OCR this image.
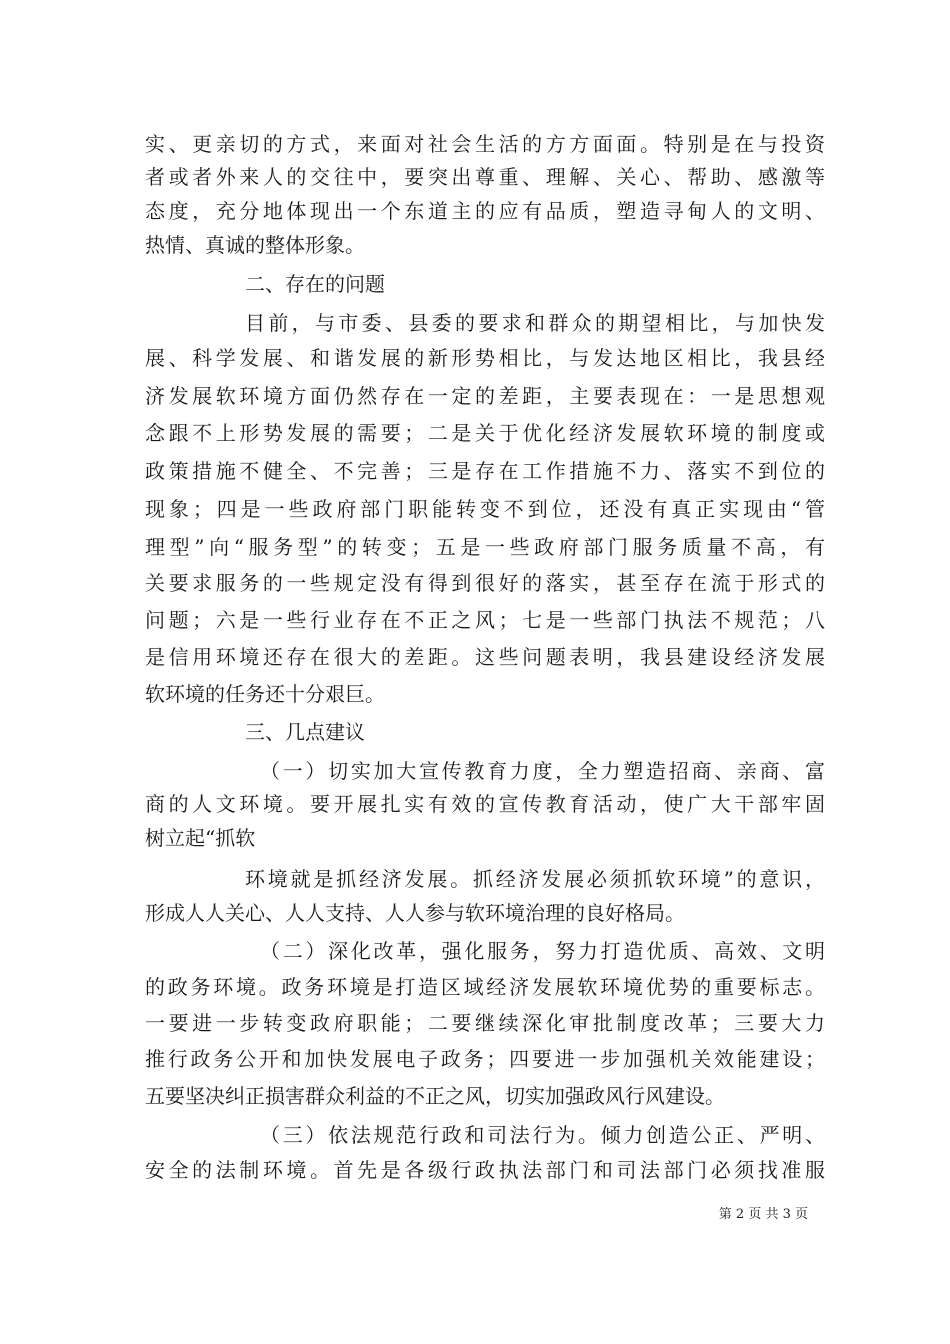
实、更亲切的方式，来面对社会生活的方方面面。特别是在与投资
者或者外来人的交往中，要突出尊重、理解、关心、帮助、感激等
态度，充分地体现出一个东道主的应有品质，塑造寻甸人的文明、
热情、真诚的整体形象。
二、存在的问题
目前，与市委、县委的要求和群众的期望相比，与加快发
展、科学发展、和谐发展的新形势相比，与发达地区相比，我县经
济发展软环境方面仍然存在一定的差距，主要表现在：一是思想观
念跟不上形势发展的需要；二是关于优化经济发展软环境的制度或
政策措施不健全、不完善；三是存在工作措施不力、落实不到位的
现象；四是一些政府部门职能转变不到位，还没有真正实现由“管
理型”向“服务型”的转变；五是一些政府部门服务质量不高，有
关要求服务的一些规定没有得到很好的落实，甚至存在流于形式的
问题；六是一些行业存在不正之风；七是一些部门执法不规范；八
是信用环境还存在很大的差距。这些问题表明，我县建设经济发展
软环境的任务还十分艰巨。
三、几点建议
（一）切实加大宣传教育力度，全力塑造招商、亲商、富
商的人文环境。要开展扎实有效的宣传教育活动，使广大干部牢固
树立起“抓软
环境就是抓经济发展。抓经济发展必须抓软环境”的意识，
形成人人关心、人人支持、人人参与软环境治理的良好格局。
（二）深化改革，强化服务，努力打造优质、高效、文明
的政务环境。政务环境是打造区域经济发展软环境优势的重要标志。
一要进一步转变政府职能；二要继续深化审批制度改革；三要大力
推行政务公开和加快发展电子政务；四要进一步加强机关效能建设；
五要坚决纠正损害群众利益的不正之风，切实加强政风行风建设。
（三）依法规范行政和司法行为。倾力创造公正、严明、
安全的法制环境。首先是各级行政执法部门和司法部门必须找准服
第 2 页 共 3 页
